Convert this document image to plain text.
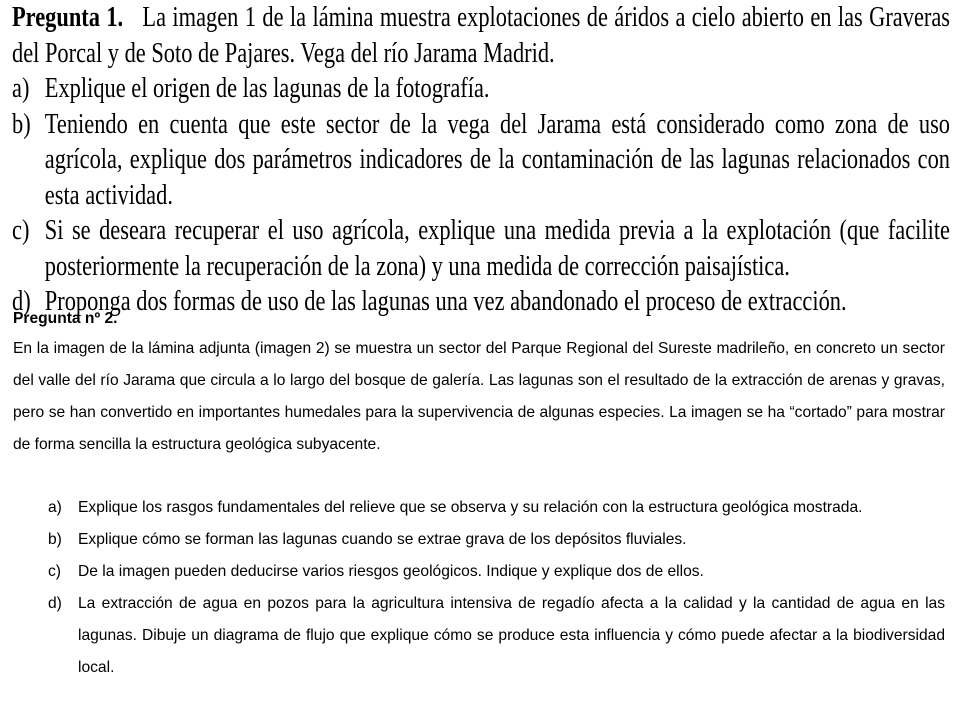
Pregunta 1. La imagen 1 de la lámina muestra explotaciones de áridos a cielo abierto en las Graveras del Porcal y de Soto de Pajares. Vega del río Jarama Madrid.
a) Explique el origen de las lagunas de la fotografía.
b) Teniendo en cuenta que este sector de la vega del Jarama está considerado como zona de uso agrícola, explique dos parámetros indicadores de la contaminación de las lagunas relacionados con esta actividad.
c) Si se deseara recuperar el uso agrícola, explique una medida previa a la explotación (que facilite posteriormente la recuperación de la zona) y una medida de corrección paisajística.
d) Proponga dos formas de uso de las lagunas una vez abandonado el proceso de extracción.

Pregunta nº 2.

En la imagen de la lámina adjunta (imagen 2) se muestra un sector del Parque Regional del Sureste madrileño, en concreto un sector del valle del río Jarama que circula a lo largo del bosque de galería. Las lagunas son el resultado de la extracción de arenas y gravas, pero se han convertido en importantes humedales para la supervivencia de algunas especies. La imagen se ha “cortado” para mostrar de forma sencilla la estructura geológica subyacente.

a)	Explique los rasgos fundamentales del relieve que se observa y su relación con la estructura geológica mostrada.
b)	Explique cómo se forman las lagunas cuando se extrae grava de los depósitos fluviales.
c)	De la imagen pueden deducirse varios riesgos geológicos. Indique y explique dos de ellos.
d)	La extracción de agua en pozos para la agricultura intensiva de regadío afecta a la calidad y la cantidad de agua en las lagunas. Dibuje un diagrama de flujo que explique cómo se produce esta influencia y cómo puede afectar a la biodiversidad local.
